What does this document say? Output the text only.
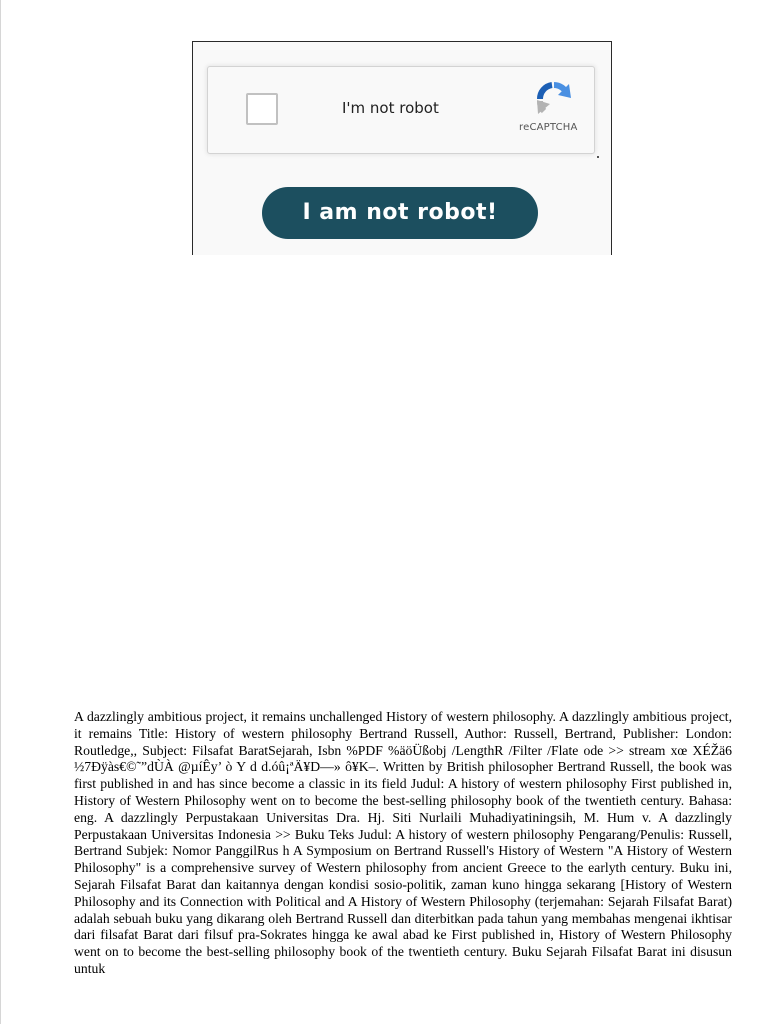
I'm not robot
reCAPTCHA
I am not robot!

A dazzlingly ambitious project, it remains unchallenged History of western philosophy. A dazzlingly ambitious project, it remains Title: History of western philosophy Bertrand Russell, Author: Russell, Bertrand, Publisher: London: Routledge,, Subject: Filsafat BaratSejarah, Isbn %PDF %äöÜßobj /LengthR /Filter /Flate ode >> stream xœ XÉŽä6 ½7Ðÿàs€©˜”dÙÀ @µíÊy’ ò Y d d.óû¡ªÄ¥D—» ô¥K–. Written by British philosopher Bertrand Russell, the book was first published in and has since become a classic in its field Judul: A history of western philosophy First published in, History of Western Philosophy went on to become the best-selling philosophy book of the twentieth century. Bahasa: eng. A dazzlingly Perpustakaan Universitas Dra. Hj. Siti Nurlaili Muhadiyatiningsih, M. Hum v. A dazzlingly Perpustakaan Universitas Indonesia >> Buku Teks Judul: A history of western philosophy Pengarang/Penulis: Russell, Bertrand Subjek: Nomor PanggilRus h A Symposium on Bertrand Russell's History of Western "A History of Western Philosophy" is a comprehensive survey of Western philosophy from ancient Greece to the earlyth century. Buku ini, Sejarah Filsafat Barat dan kaitannya dengan kondisi sosio-politik, zaman kuno hingga sekarang [History of Western Philosophy and its Connection with Political and A History of Western Philosophy (terjemahan: Sejarah Filsafat Barat) adalah sebuah buku yang dikarang oleh Bertrand Russell dan diterbitkan pada tahun yang membahas mengenai ikhtisar dari filsafat Barat dari filsuf pra-Sokrates hingga ke awal abad ke First published in, History of Western Philosophy went on to become the best-selling philosophy book of the twentieth century. Buku Sejarah Filsafat Barat ini disusun untuk
